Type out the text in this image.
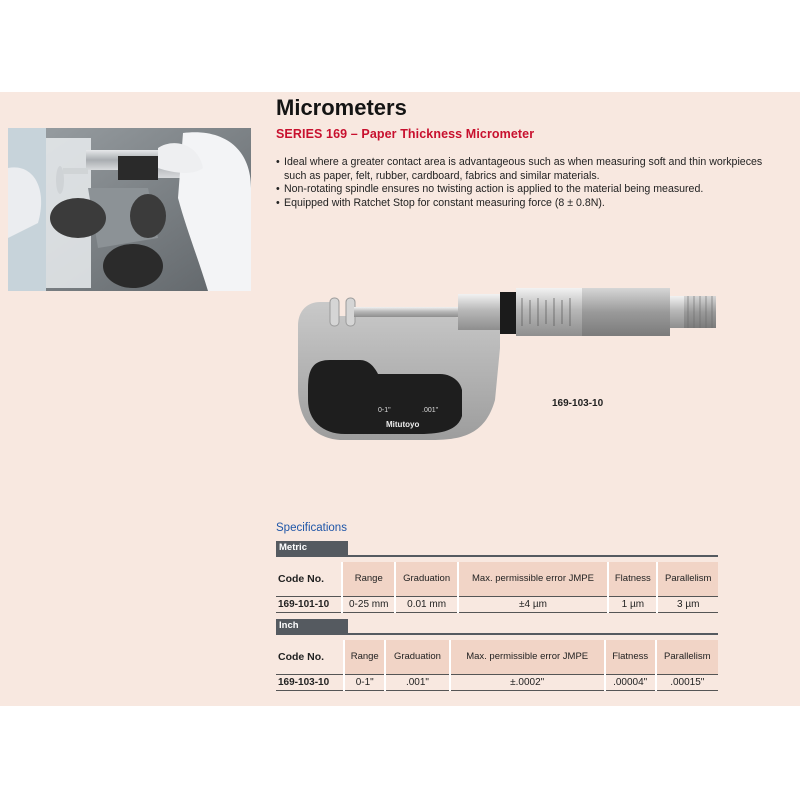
Micrometers
SERIES 169 – Paper Thickness Micrometer
• Ideal where a greater contact area is advantageous such as when measuring soft and thin workpieces such as paper, felt, rubber, cardboard, fabrics and similar materials.
• Non-rotating spindle ensures no twisting action is applied to the material being measured.
• Equipped with Ratchet Stop for constant measuring force (8 ± 0.8N).
0-1"	.001"
Mitutoyo
169-103-10
Specifications
Metric
Code No.	Range	Graduation	Max. permissible error JMPE	Flatness	Parallelism
169-101-10	0-25 mm	0.01 mm	±4 µm	1 µm	3 µm
Inch
Code No.	Range	Graduation	Max. permissible error JMPE	Flatness	Parallelism
169-103-10	0-1"	.001"	±.0002"	.00004"	.00015"
